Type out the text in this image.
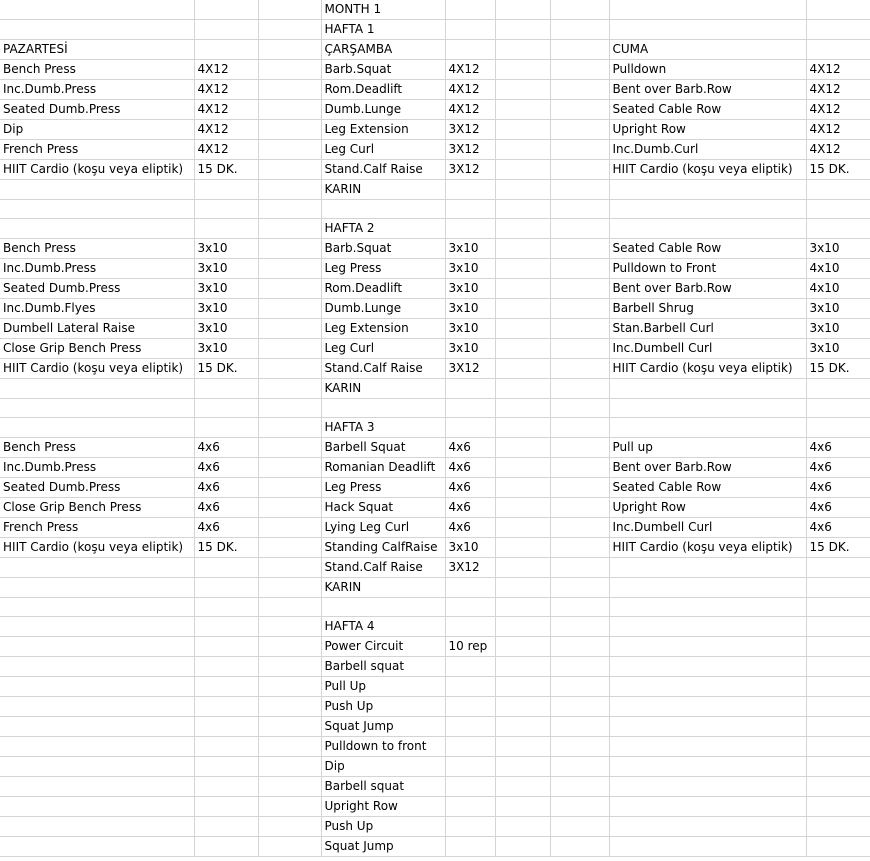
			MONTH 1					
			HAFTA 1					
PAZARTESİ			ÇARŞAMBA				CUMA	
Bench Press	4X12		Barb.Squat	4X12			Pulldown	4X12
Inc.Dumb.Press	4X12		Rom.Deadlift	4X12			Bent over Barb.Row	4X12
Seated Dumb.Press	4X12		Dumb.Lunge	4X12			Seated Cable Row	4X12
Dip	4X12		Leg Extension	3X12			Upright Row	4X12
French Press	4X12		Leg Curl	3X12			Inc.Dumb.Curl	4X12
HIIT Cardio (koşu veya eliptik)	15 DK.		Stand.Calf Raise	3X12			HIIT Cardio (koşu veya eliptik)	15 DK.
			KARIN					

			HAFTA 2					
Bench Press	3x10		Barb.Squat	3x10			Seated Cable Row	3x10
Inc.Dumb.Press	3x10		Leg Press	3x10			Pulldown to Front	4x10
Seated Dumb.Press	3x10		Rom.Deadlift	3x10			Bent over Barb.Row	4x10
Inc.Dumb.Flyes	3x10		Dumb.Lunge	3x10			Barbell Shrug	3x10
Dumbell Lateral Raise	3x10		Leg Extension	3x10			Stan.Barbell Curl	3x10
Close Grip Bench Press	3x10		Leg Curl	3x10			Inc.Dumbell Curl	3x10
HIIT Cardio (koşu veya eliptik)	15 DK.		Stand.Calf Raise	3X12			HIIT Cardio (koşu veya eliptik)	15 DK.
			KARIN					

			HAFTA 3					
Bench Press	4x6		Barbell Squat	4x6			Pull up	4x6
Inc.Dumb.Press	4x6		Romanian Deadlift	4x6			Bent over Barb.Row	4x6
Seated Dumb.Press	4x6		Leg Press	4x6			Seated Cable Row	4x6
Close Grip Bench Press	4x6		Hack Squat	4x6			Upright Row	4x6
French Press	4x6		Lying Leg Curl	4x6			Inc.Dumbell Curl	4x6
HIIT Cardio (koşu veya eliptik)	15 DK.		Standing CalfRaise	3x10			HIIT Cardio (koşu veya eliptik)	15 DK.
			Stand.Calf Raise	3X12				
			KARIN					

			HAFTA 4					
			Power Circuit	10 rep				
			Barbell squat					
			Pull Up					
			Push Up					
			Squat Jump					
			Pulldown to front					
			Dip					
			Barbell squat					
			Upright Row					
			Push Up					
			Squat Jump					
